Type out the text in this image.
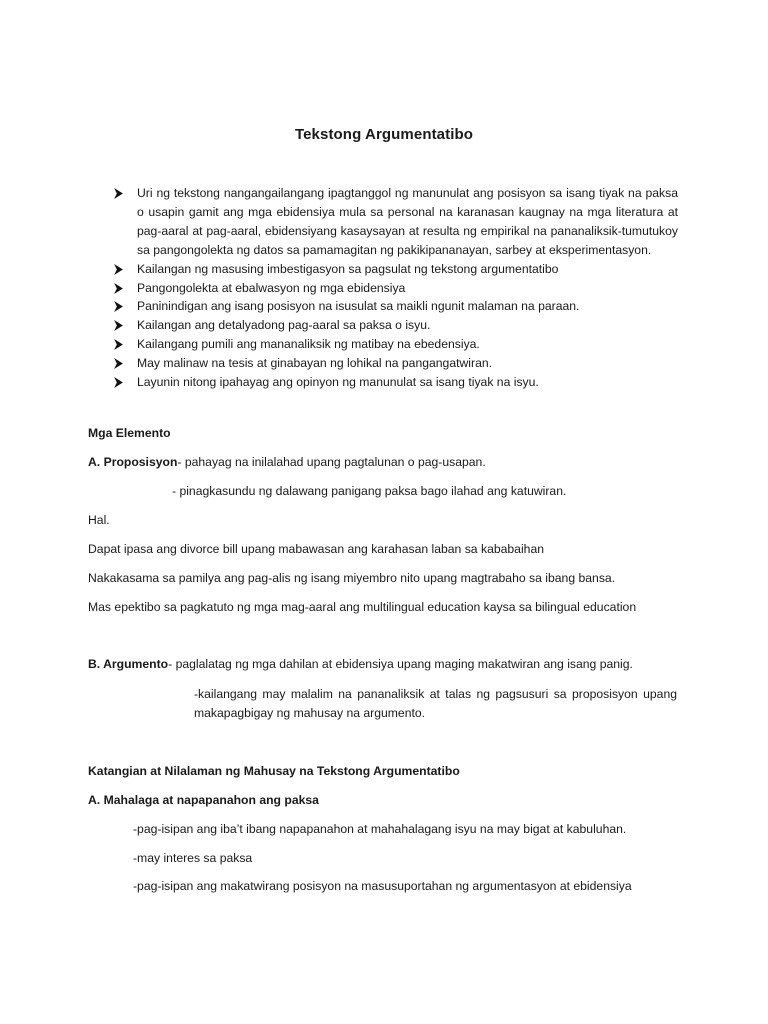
Tekstong Argumentatibo
Uri ng tekstong nangangailangang ipagtanggol ng manunulat ang posisyon sa isang tiyak na paksa o usapin gamit ang mga ebidensiya mula sa personal na karanasan kaugnay na mga literatura at pag-aaral at pag-aaral, ebidensiyang kasaysayan at resulta ng empirikal na pananaliksik-tumutukoy sa pangongolekta ng datos sa pamamagitan ng pakikipananayan, sarbey at eksperimentasyon.
Kailangan ng masusing imbestigasyon sa pagsulat ng tekstong argumentatibo
Pangongolekta at ebalwasyon ng mga ebidensiya
Paninindigan ang isang posisyon na isusulat sa maikli ngunit malaman na paraan.
Kailangan ang detalyadong pag-aaral sa paksa o isyu.
Kailangang pumili ang mananaliksik ng matibay na ebedensiya.
May malinaw na tesis at ginabayan ng lohikal na pangangatwiran.
Layunin nitong ipahayag ang opinyon ng manunulat sa isang tiyak na isyu.
Mga Elemento
A. Proposisyon- pahayag na inilalahad upang pagtalunan o pag-usapan.
- pinagkasundu ng dalawang panigang paksa bago ilahad ang katuwiran.
Hal.
Dapat ipasa ang divorce bill upang mabawasan ang karahasan laban sa kababaihan
Nakakasama sa pamilya ang pag-alis ng isang miyembro nito upang magtrabaho sa ibang bansa.
Mas epektibo sa pagkatuto ng mga mag-aaral ang multilingual education kaysa sa bilingual education
B. Argumento- paglalatag ng mga dahilan at ebidensiya upang maging makatwiran ang isang panig.
-kailangang may malalim na pananaliksik at talas ng pagsusuri sa proposisyon upang makapagbigay ng mahusay na argumento.
Katangian at Nilalaman ng Mahusay na Tekstong Argumentatibo
A. Mahalaga at napapanahon ang paksa
-pag-isipan ang iba’t ibang napapanahon at mahahalagang isyu na may bigat at kabuluhan.
-may interes sa paksa
-pag-isipan ang makatwirang posisyon na masusuportahan ng argumentasyon at ebidensiya
